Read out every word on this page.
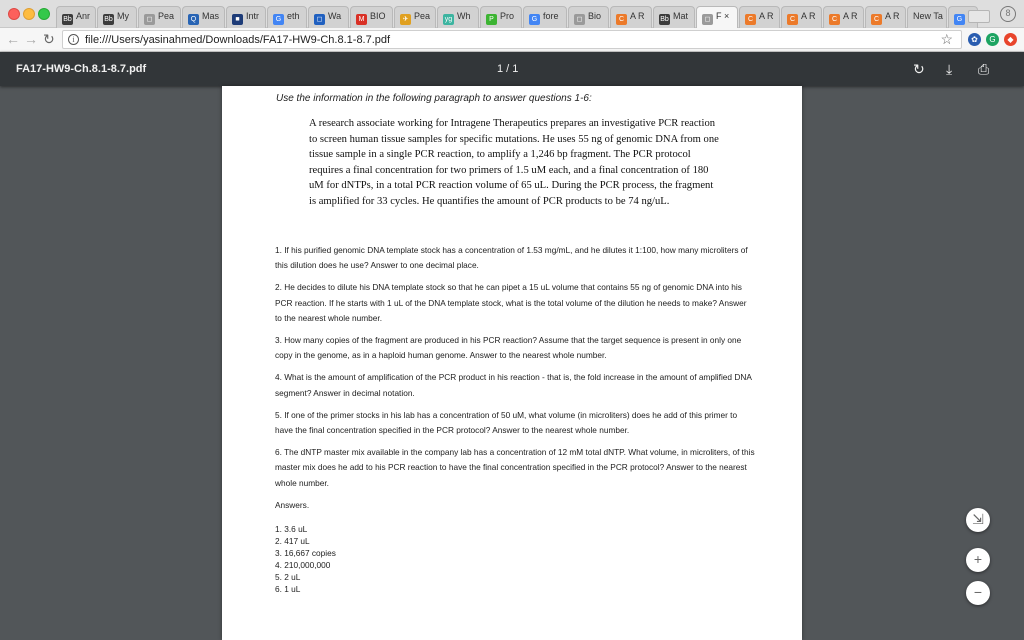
Bb Anr	Bb My	◻ Pea	Q Mas	■ Intr	G eth	◻ Wa	M BIO	✈ Pea	yg Wh	P Pro	G fore	◻ Bio	C A R	Bb Mat	◻ F ×	C A R	C A R	C A R	C A R	New Ta	G
8
← → ↻	i file:///Users/yasinahmed/Downloads/FA17-HW9-Ch.8.1-8.7.pdf	☆	✿	G	◆
FA17-HW9-Ch.8.1-8.7.pdf	1 / 1	↻ ⤓ ⎙
Use the information in the following paragraph to answer questions 1-6:
A research associate working for Intragene Therapeutics prepares an investigative PCR reaction to screen human tissue samples for specific mutations. He uses 55 ng of genomic DNA from one tissue sample in a single PCR reaction, to amplify a 1,246 bp fragment. The PCR protocol requires a final concentration for two primers of 1.5 uM each, and a final concentration of 180 uM for dNTPs, in a total PCR reaction volume of 65 uL. During the PCR process, the fragment is amplified for 33 cycles. He quantifies the amount of PCR products to be 74 ng/uL.
1. If his purified genomic DNA template stock has a concentration of 1.53 mg/mL, and he dilutes it 1:100, how many microliters of this dilution does he use? Answer to one decimal place.
2. He decides to dilute his DNA template stock so that he can pipet a 15 uL volume that contains 55 ng of genomic DNA into his PCR reaction. If he starts with 1 uL of the DNA template stock, what is the total volume of the dilution he needs to make? Answer to the nearest whole number.
3. How many copies of the fragment are produced in his PCR reaction? Assume that the target sequence is present in only one copy in the genome, as in a haploid human genome. Answer to the nearest whole number.
4. What is the amount of amplification of the PCR product in his reaction - that is, the fold increase in the amount of amplified DNA segment? Answer in decimal notation.
5. If one of the primer stocks in his lab has a concentration of 50 uM, what volume (in microliters) does he add of this primer to have the final concentration specified in the PCR protocol? Answer to the nearest whole number.
6. The dNTP master mix available in the company lab has a concentration of 12 mM total dNTP. What volume, in microliters, of this master mix does he add to his PCR reaction to have the final concentration specified in the PCR protocol? Answer to the nearest whole number.
Answers.
1. 3.6 uL
2. 417 uL
3. 16,667 copies
4. 210,000,000
5. 2 uL
6. 1 uL
⇲
+
−
